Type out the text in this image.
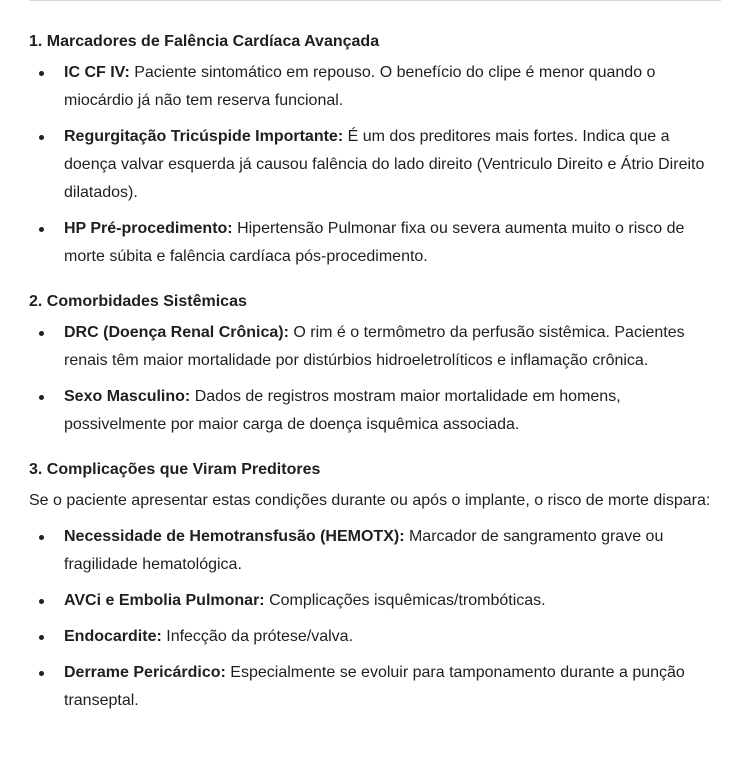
1. Marcadores de Falência Cardíaca Avançada
IC CF IV: Paciente sintomático em repouso. O benefício do clipe é menor quando o miocárdio já não tem reserva funcional.
Regurgitação Tricúspide Importante: É um dos preditores mais fortes. Indica que a doença valvar esquerda já causou falência do lado direito (Ventriculo Direito e Átrio Direito dilatados).
HP Pré-procedimento: Hipertensão Pulmonar fixa ou severa aumenta muito o risco de morte súbita e falência cardíaca pós-procedimento.
2. Comorbidades Sistêmicas
DRC (Doença Renal Crônica): O rim é o termômetro da perfusão sistêmica. Pacientes renais têm maior mortalidade por distúrbios hidroeletrolíticos e inflamação crônica.
Sexo Masculino: Dados de registros mostram maior mortalidade em homens, possivelmente por maior carga de doença isquêmica associada.
3. Complicações que Viram Preditores

Se o paciente apresentar estas condições durante ou após o implante, o risco de morte dispara:

Necessidade de Hemotransfusão (HEMOTX): Marcador de sangramento grave ou fragilidade hematológica.
AVCi e Embolia Pulmonar: Complicações isquêmicas/trombóticas.
Endocardite: Infecção da prótese/valva.
Derrame Pericárdico: Especialmente se evoluir para tamponamento durante a punção transeptal.
